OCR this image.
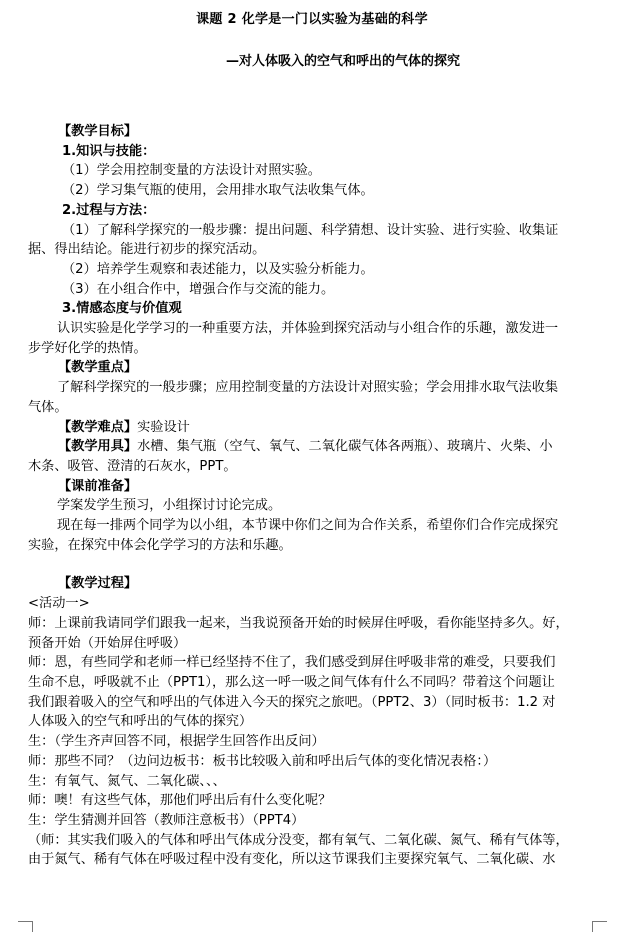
课题 2 化学是一门以实验为基础的科学
—对人体吸入的空气和呼出的气体的探究

【教学目标】

1.知识与技能：

（1）学会用控制变量的方法设计对照实验。

（2）学习集气瓶的使用，会用排水取气法收集气体。

2.过程与方法：

（1）了解科学探究的一般步骤：提出问题、科学猜想、设计实验、进行实验、收集证

据、得出结论。能进行初步的探究活动。

（2）培养学生观察和表述能力，以及实验分析能力。

（3）在小组合作中，增强合作与交流的能力。

3.情感态度与价值观

认识实验是化学学习的一种重要方法，并体验到探究活动与小组合作的乐趣，激发进一

步学好化学的热情。

【教学重点】

了解科学探究的一般步骤；应用控制变量的方法设计对照实验；学会用排水取气法收集

气体。

【教学难点】实验设计

【教学用具】水槽、集气瓶（空气、氧气、二氧化碳气体各两瓶）、玻璃片、火柴、小

木条、吸管、澄清的石灰水，PPT。

【课前准备】

学案发学生预习，小组探讨讨论完成。

现在每一排两个同学为以小组，本节课中你们之间为合作关系，希望你们合作完成探究

实验，在探究中体会化学学习的方法和乐趣。

【教学过程】

<活动一>

师：上课前我请同学们跟我一起来，当我说预备开始的时候屏住呼吸，看你能坚持多久。好，

预备开始（开始屏住呼吸）

师：恩，有些同学和老师一样已经坚持不住了，我们感受到屏住呼吸非常的难受，只要我们

生命不息，呼吸就不止（PPT1），那么这一呼一吸之间气体有什么不同吗？带着这个问题让

我们跟着吸入的空气和呼出的气体进入今天的探究之旅吧。（PPT2、3）（同时板书：1.2 对

人体吸入的空气和呼出的气体的探究）

生：（学生齐声回答不同，根据学生回答作出反问）

师：那些不同？（边问边板书：板书比较吸入前和呼出后气体的变化情况表格：）

生：有氧气、氮气、二氧化碳、、、

师：噢！有这些气体，那他们呼出后有什么变化呢？

生：学生猜测并回答（教师注意板书）（PPT4）

（师：其实我们吸入的气体和呼出气体成分没变，都有氧气、二氧化碳、氮气、稀有气体等，

由于氮气、稀有气体在呼吸过程中没有变化，所以这节课我们主要探究氧气、二氧化碳、水
